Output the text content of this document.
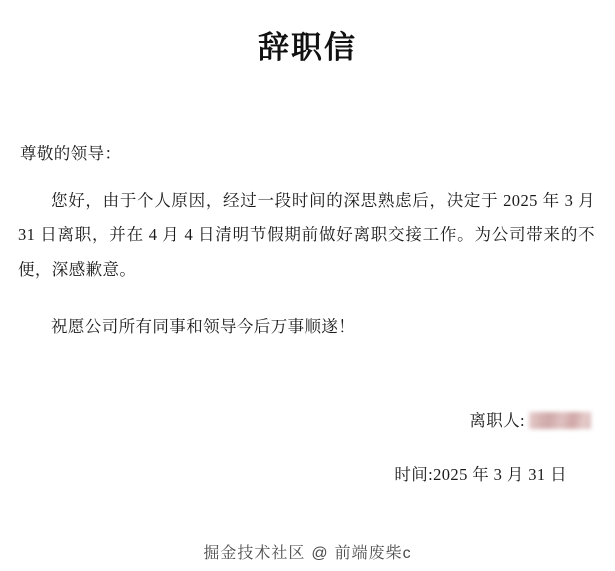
辞职信

尊敬的领导：

您好，由于个人原因，经过一段时间的深思熟虑后，决定于 2025 年 3 月 31 日离职，并在 4 月 4 日清明节假期前做好离职交接工作。为公司带来的不便，深感歉意。

祝愿公司所有同事和领导今后万事顺遂！

离职人:
时间:2025 年 3 月 31 日
掘金技术社区 @ 前端废柴c
